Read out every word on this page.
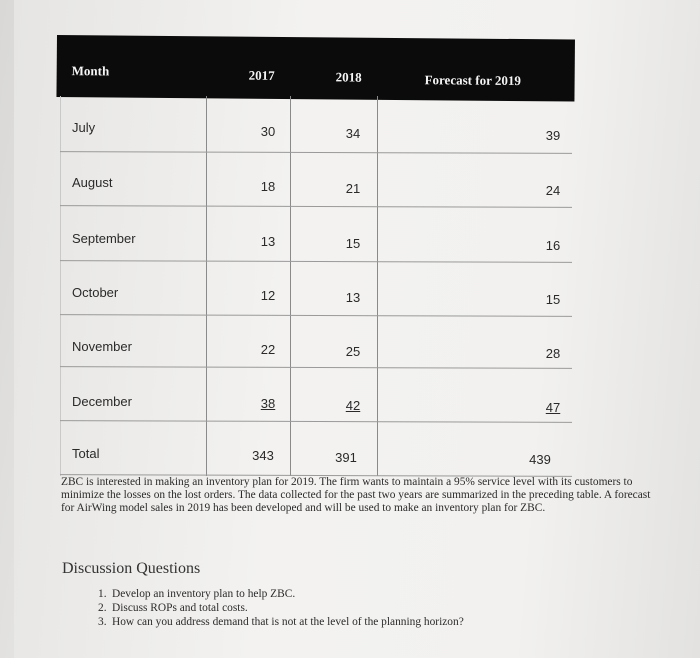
Month	2017	2018	Forecast for 2019
July	30	34	39
August	18	21	24
September	13	15	16
October	12	13	15
November	22	25	28
December	38	42	47
Total	343	391	439
ZBC is interested in making an inventory plan for 2019. The firm wants to maintain a 95% service level with its customers to minimize the losses on the lost orders. The data collected for the past two years are summarized in the preceding table. A forecast for AirWing model sales in 2019 has been developed and will be used to make an inventory plan for ZBC.
Discussion Questions
1. Develop an inventory plan to help ZBC.
2. Discuss ROPs and total costs.
3. How can you address demand that is not at the level of the planning horizon?
